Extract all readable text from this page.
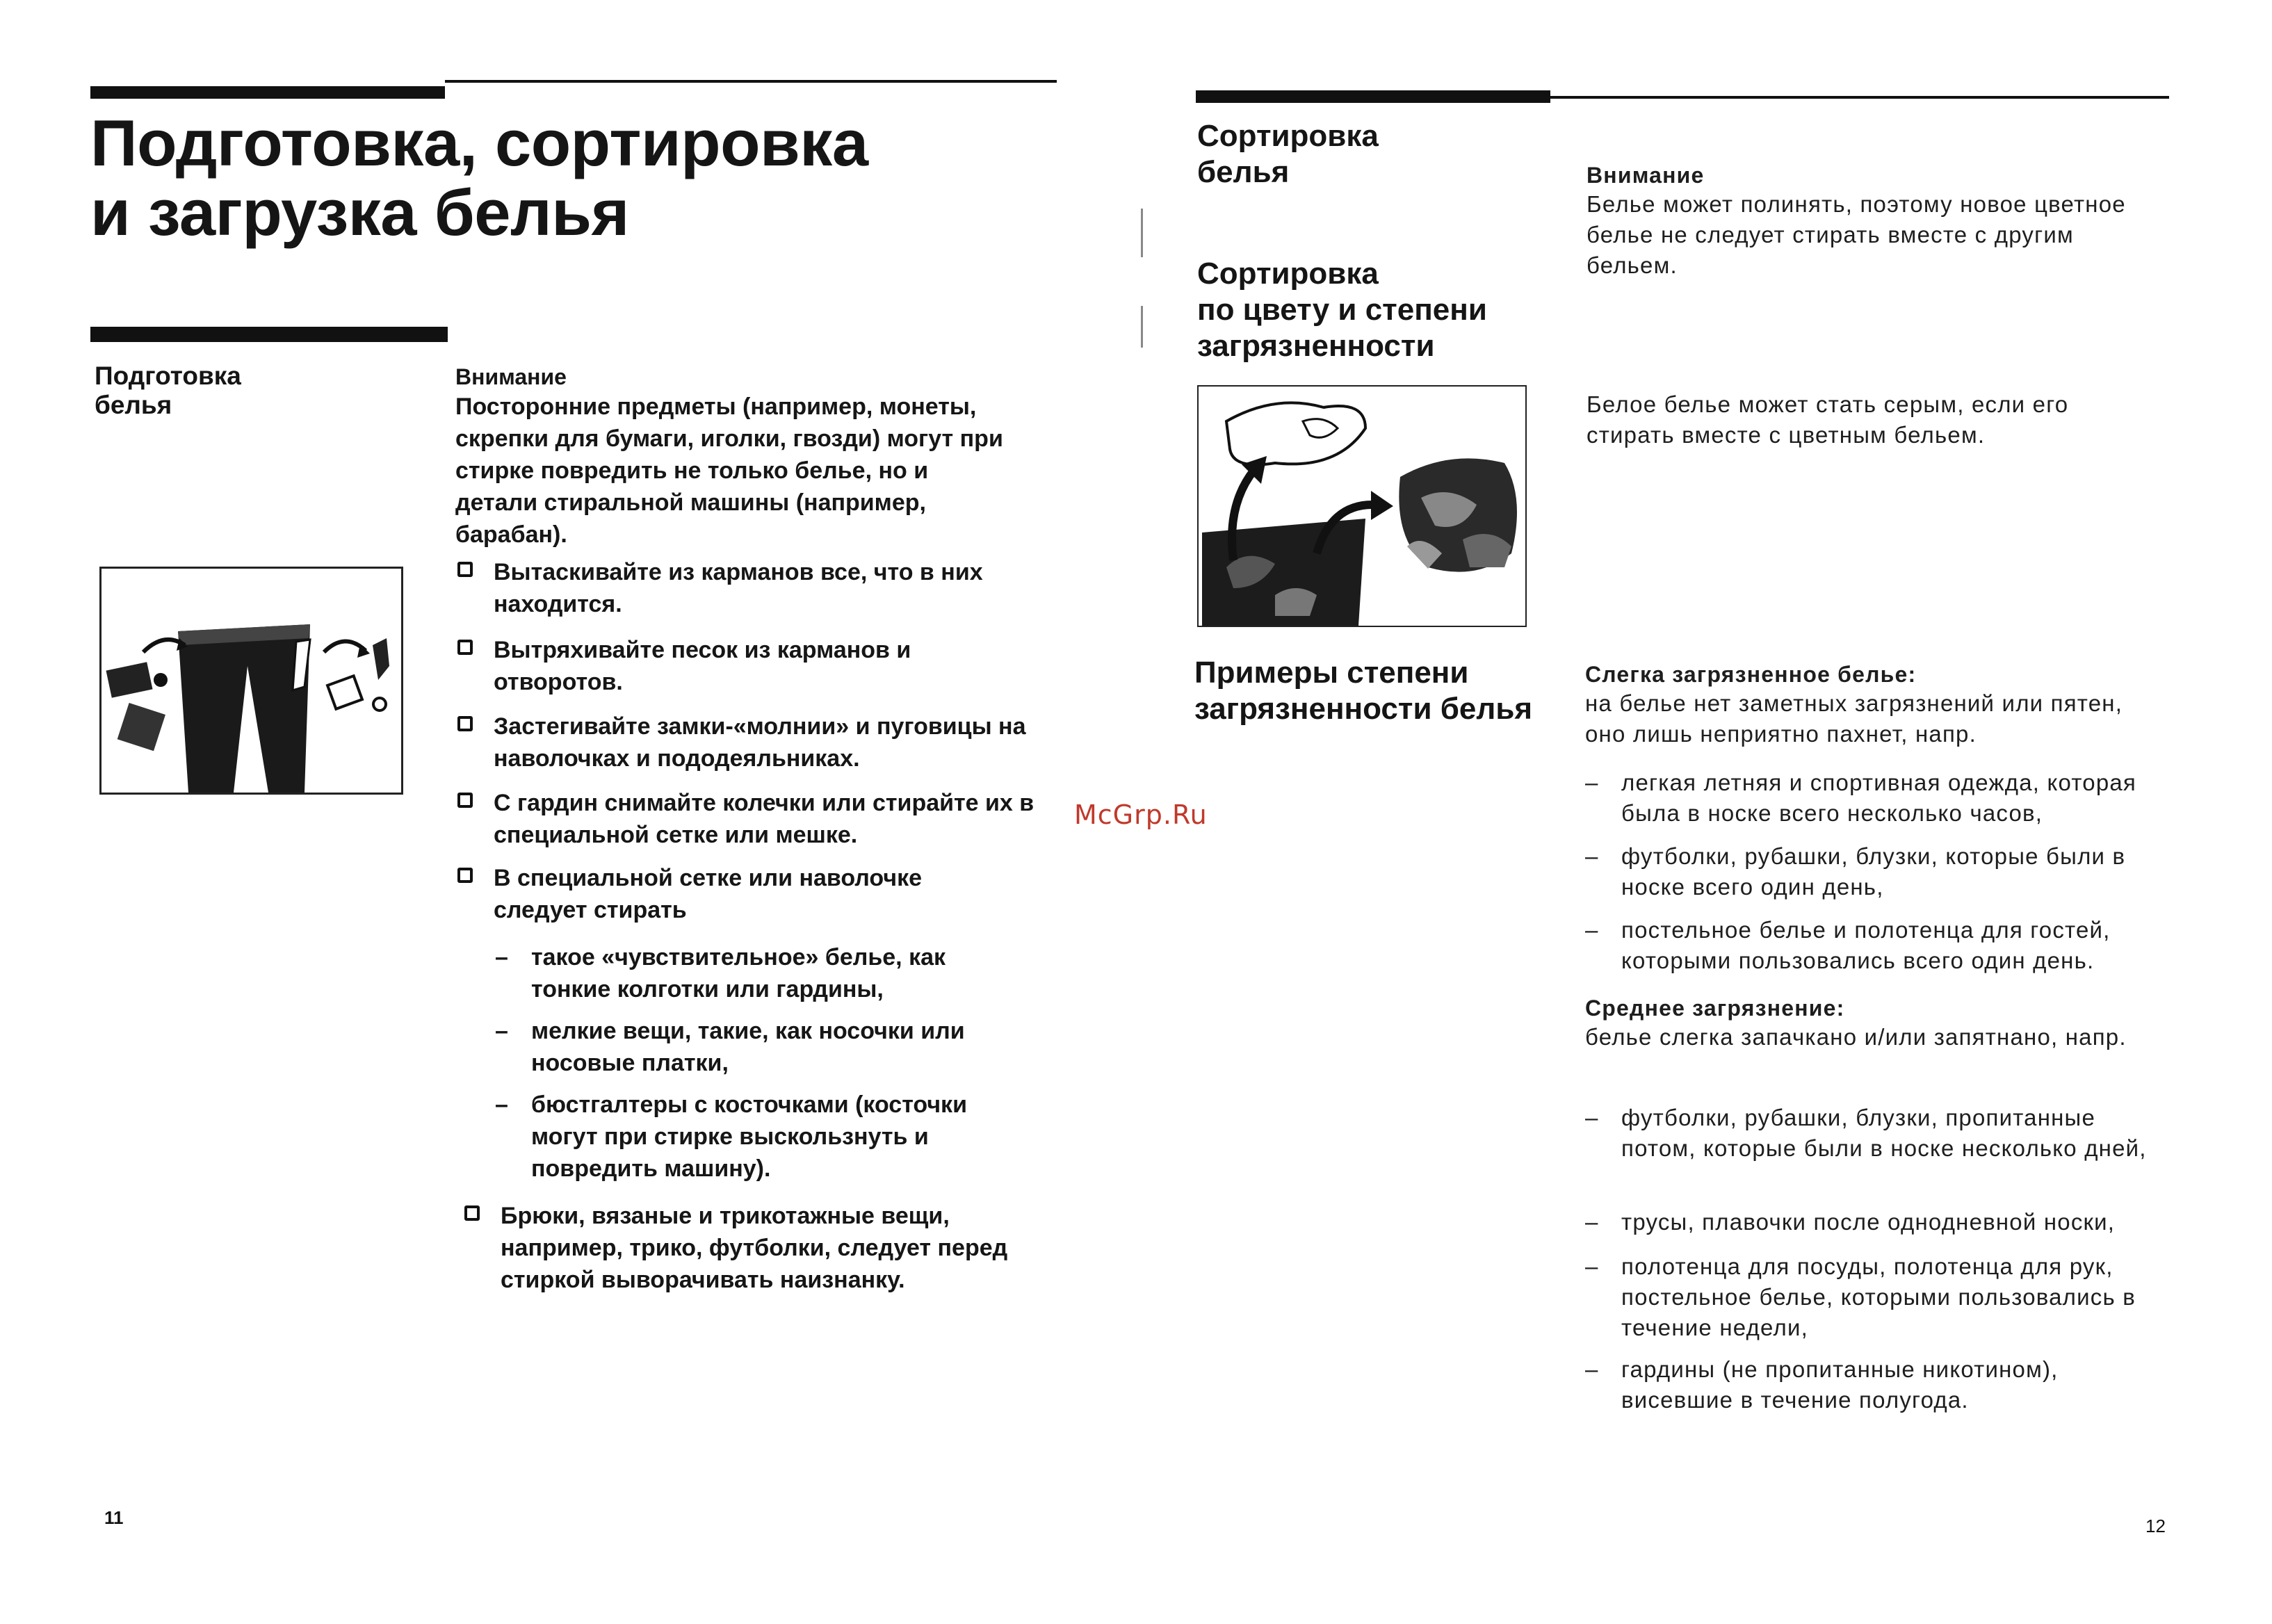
Подготовка, сортировка
и загрузка белья
Подготовка
белья
Внимание
Посторонние предметы (например, монеты, скрепки для бумаги, иголки, гвозди) могут при стирке повредить не только белье, но и детали стиральной машины (например, барабан).
Вытаскивайте из карманов все, что в них находится.
Вытряхивайте песок из карманов и отворотов.
Застегивайте замки-«молнии» и пуговицы на наволочках и пододеяльниках.
С гардин снимайте колечки или стирайте их в специальной сетке или мешке.
В специальной сетке или наволочке следует стирать
– такое «чувствительное» белье, как тонкие колготки или гардины,
– мелкие вещи, такие, как носочки или носовые платки,
– бюстгалтеры с косточками (косточки могут при стирке выскользнуть и повредить машину).
Брюки, вязаные и трикотажные вещи, например, трико, футболки, следует перед стиркой выворачивать наизнанку.
11
McGrp.Ru
Сортировка
белья
Сортировка
по цвету и степени
загрязненности
Внимание
Белье может полинять, поэтому новое цветное белье не следует стирать вместе с другим бельем.
Белое белье может стать серым, если его стирать вместе с цветным бельем.
Примеры степени
загрязненности белья
Слегка загрязненное белье:
на белье нет заметных загрязнений или пятен, оно лишь неприятно пахнет, напр.
– легкая летняя и спортивная одежда, которая была в носке всего несколько часов,
– футболки, рубашки, блузки, которые были в носке всего один день,
– постельное белье и полотенца для гостей, которыми пользовались всего один день.
Среднее загрязнение:
белье слегка запачкано и/или запятнано, напр.
– футболки, рубашки, блузки, пропитанные потом, которые были в носке несколько дней,
– трусы, плавочки после однодневной носки,
– полотенца для посуды, полотенца для рук, постельное белье, которыми пользовались в течение недели,
– гардины (не пропитанные никотином), висевшие в течение полугода.
12
